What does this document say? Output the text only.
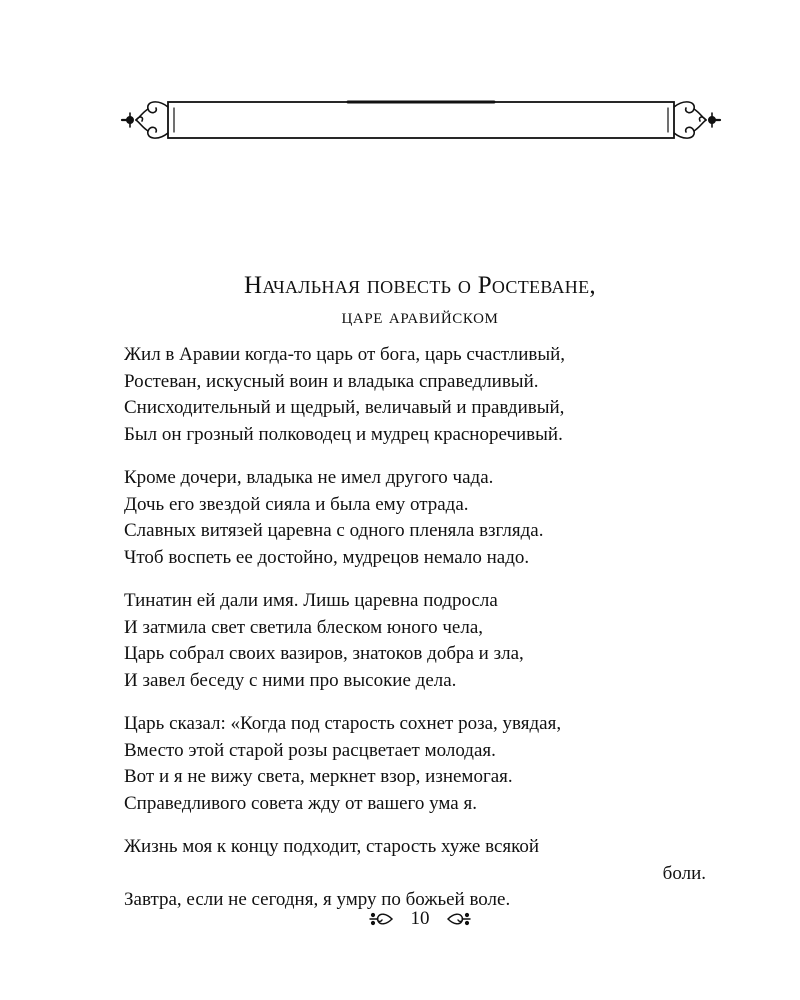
Начальная повесть о Ростеване,
царе аравийском
Жил в Аравии когда-то царь от бога, царь счастливый,
Ростеван, искусный воин и владыка справедливый.
Снисходительный и щедрый, величавый и правдивый,
Был он грозный полководец и мудрец красноречивый.
Кроме дочери, владыка не имел другого чада.
Дочь его звездой сияла и была ему отрада.
Славных витязей царевна с одного пленяла взгляда.
Чтоб воспеть ее достойно, мудрецов немало надо.
Тинатин ей дали имя. Лишь царевна подросла
И затмила свет светила блеском юного чела,
Царь собрал своих вазиров, знатоков добра и зла,
И завел беседу с ними про высокие дела.
Царь сказал: «Когда под старость сохнет роза, увядая,
Вместо этой старой розы расцветает молодая.
Вот и я не вижу света, меркнет взор, изнемогая.
Справедливого совета жду от вашего ума я.
Жизнь моя к концу подходит, старость хуже всякой
боли.
Завтра, если не сегодня, я умру по божьей воле.
10
